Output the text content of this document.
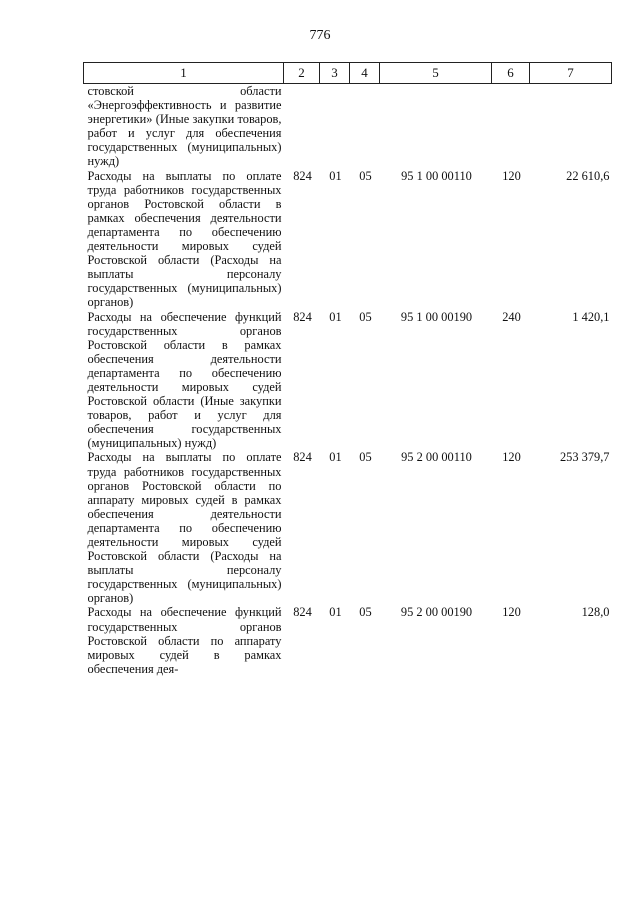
776
1	2	3	4	5	6	7
стовской области «Энергоэффективность и развитие энергетики» (Иные закупки товаров, работ и услуг для обеспечения государственных (муниципальных) нужд)						
Расходы на выплаты по оплате труда работников государственных органов Ростовской области в рамках обеспечения деятельности департамента по обеспечению деятельности мировых судей Ростовской области (Расходы на выплаты персоналу государственных (муниципальных) органов)	824	01	05	95 1 00 00110	120	22 610,6
Расходы на обеспечение функций государственных органов Ростовской области в рамках обеспечения деятельности департамента по обеспечению деятельности мировых судей Ростовской области (Иные закупки товаров, работ и услуг для обеспечения государственных (муниципальных) нужд)	824	01	05	95 1 00 00190	240	1 420,1
Расходы на выплаты по оплате труда работников государственных органов Ростовской области по аппарату мировых судей в рамках обеспечения деятельности департамента по обеспечению деятельности мировых судей Ростовской области (Расходы на выплаты персоналу государственных (муниципальных) органов)	824	01	05	95 2 00 00110	120	253 379,7
Расходы на обеспечение функций государственных органов Ростовской области по аппарату мировых судей в рамках обеспечения дея-	824	01	05	95 2 00 00190	120	128,0
